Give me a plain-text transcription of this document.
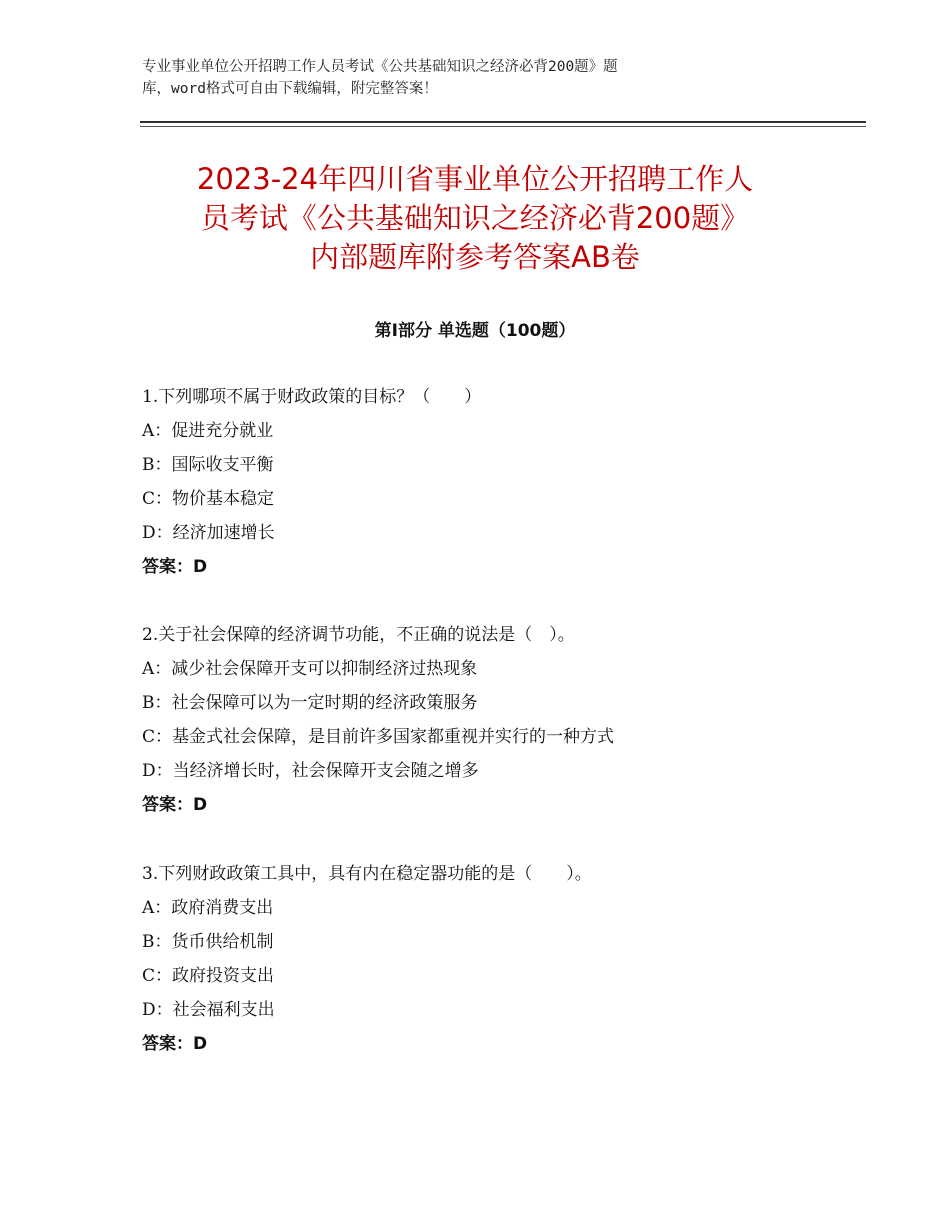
专业事业单位公开招聘工作人员考试《公共基础知识之经济必背200题》题
库，word格式可自由下载编辑，附完整答案！
2023-24年四川省事业单位公开招聘工作人
员考试《公共基础知识之经济必背200题》
内部题库附参考答案AB卷
第Ⅰ部分 单选题（100题）
1.下列哪项不属于财政政策的目标？（　　）
A：促进充分就业
B：国际收支平衡
C：物价基本稳定
D：经济加速增长
答案：D
2.关于社会保障的经济调节功能，不正确的说法是（　）。
A：减少社会保障开支可以抑制经济过热现象
B：社会保障可以为一定时期的经济政策服务
C：基金式社会保障，是目前许多国家都重视并实行的一种方式
D：当经济增长时，社会保障开支会随之增多
答案：D
3.下列财政政策工具中，具有内在稳定器功能的是（　　）。
A：政府消费支出
B：货币供给机制
C：政府投资支出
D：社会福利支出
答案：D
